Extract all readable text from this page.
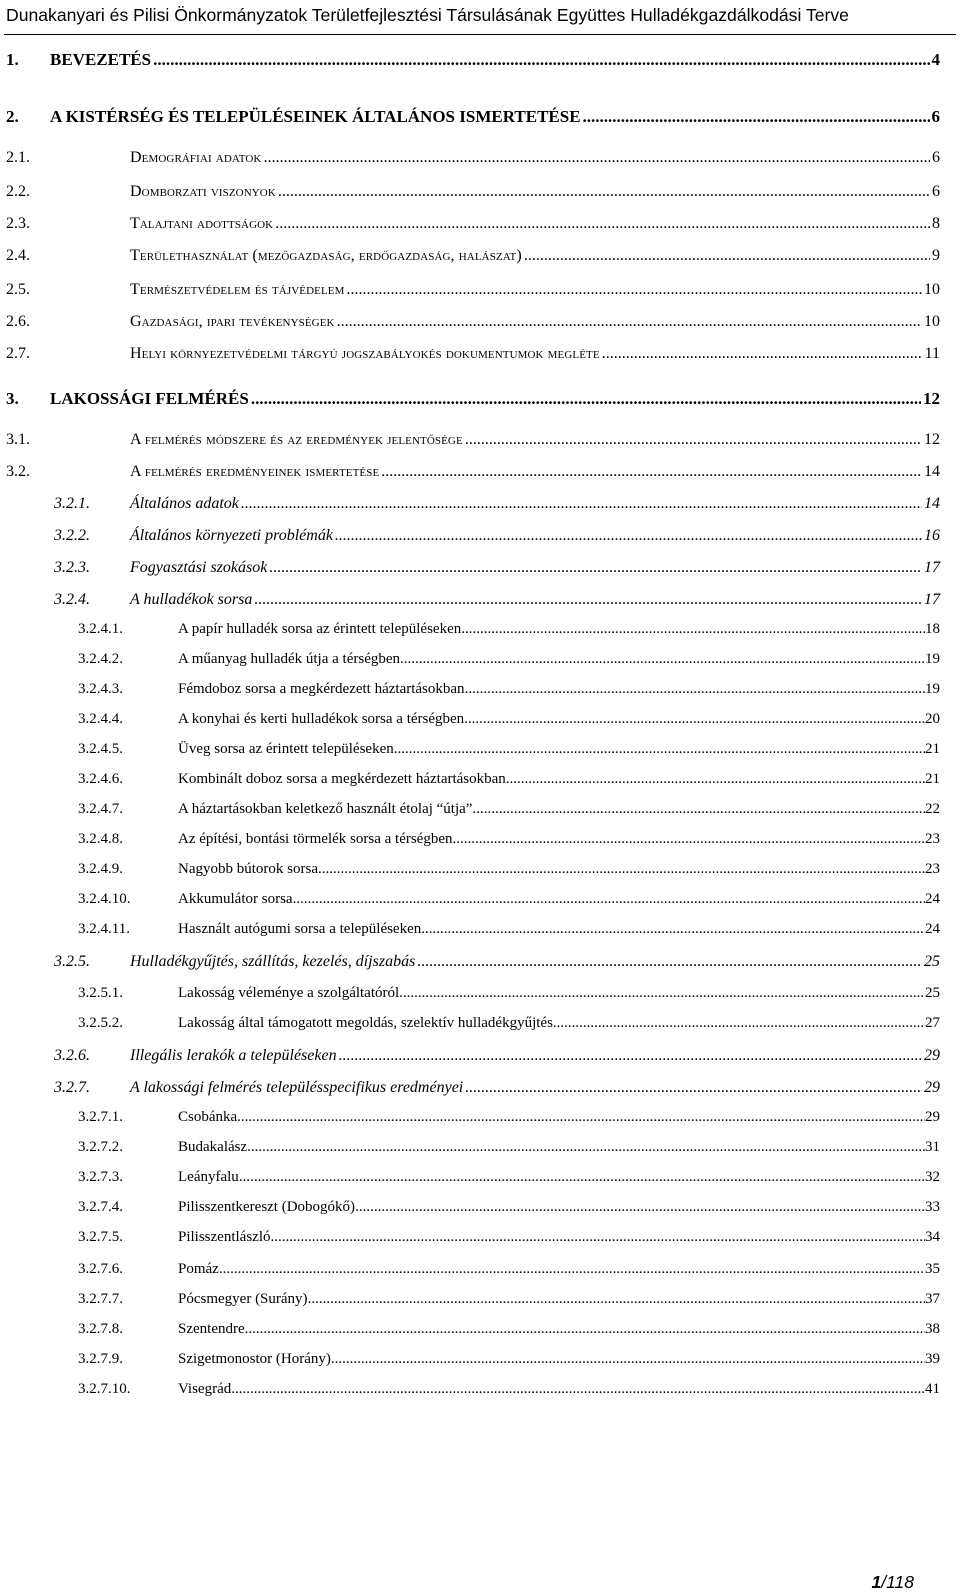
Dunakanyari és Pilisi Önkormányzatok Területfejlesztési Társulásának Együttes Hulladékgazdálkodási Terve
1.	BEVEZETÉS .....	4
2.	A KISTÉRSÉG ÉS TELEPÜLÉSEINEK ÁLTALÁNOS ISMERTETÉSE .....	6
2.1.	Demográfiai adatok .....	6
2.2.	Domborzati viszonyok .....	6
2.3.	Talajtani adottságok .....	8
2.4.	Területhasználat (mezőgazdaság, erdőgazdaság, halászat) .....	9
2.5.	Természetvédelem és tájvédelem .....	10
2.6.	Gazdasági, ipari tevékenységek .....	10
2.7.	Helyi környezetvédelmi tárgyú jogszabályokés dokumentumok megléte .....	11
3.	LAKOSSÁGI FELMÉRÉS .....	12
3.1.	A felmérés módszere és az eredmények jelentősége .....	12
3.2.	A felmérés eredményeinek ismertetése .....	14
3.2.1.	Általános adatok .....	14
3.2.2.	Általános környezeti problémák .....	16
3.2.3.	Fogyasztási szokások .....	17
3.2.4.	A hulladékok sorsa .....	17
3.2.4.1.	A papír hulladék sorsa az érintett településeken .....	18
3.2.4.2.	A műanyag hulladék útja a térségben .....	19
3.2.4.3.	Fémdoboz sorsa a megkérdezett háztartásokban .....	19
3.2.4.4.	A konyhai és kerti hulladékok sorsa a térségben .....	20
3.2.4.5.	Üveg sorsa az érintett településeken .....	21
3.2.4.6.	Kombinált doboz sorsa a megkérdezett háztartásokban .....	21
3.2.4.7.	A háztartásokban keletkező használt étolaj “útja” .....	22
3.2.4.8.	Az építési, bontási törmelék sorsa a térségben .....	23
3.2.4.9.	Nagyobb bútorok sorsa .....	23
3.2.4.10.	Akkumulátor sorsa .....	24
3.2.4.11.	Használt autógumi sorsa a településeken .....	24
3.2.5.	Hulladékgyűjtés, szállítás, kezelés, díjszabás .....	25
3.2.5.1.	Lakosság véleménye a szolgáltatóról .....	25
3.2.5.2.	Lakosság által támogatott megoldás, szelektív hulladékgyűjtés .....	27
3.2.6.	Illegális lerakók a településeken .....	29
3.2.7.	A lakossági felmérés településspecifikus eredményei .....	29
3.2.7.1.	Csobánka .....	29
3.2.7.2.	Budakalász .....	31
3.2.7.3.	Leányfalu .....	32
3.2.7.4.	Pilisszentkereszt (Dobogókő) .....	33
3.2.7.5.	Pilisszentlászló .....	34
3.2.7.6.	Pomáz .....	35
3.2.7.7.	Pócsmegyer (Surány) .....	37
3.2.7.8.	Szentendre .....	38
3.2.7.9.	Szigetmonostor (Horány) .....	39
3.2.7.10.	Visegrád .....	41
1/118
